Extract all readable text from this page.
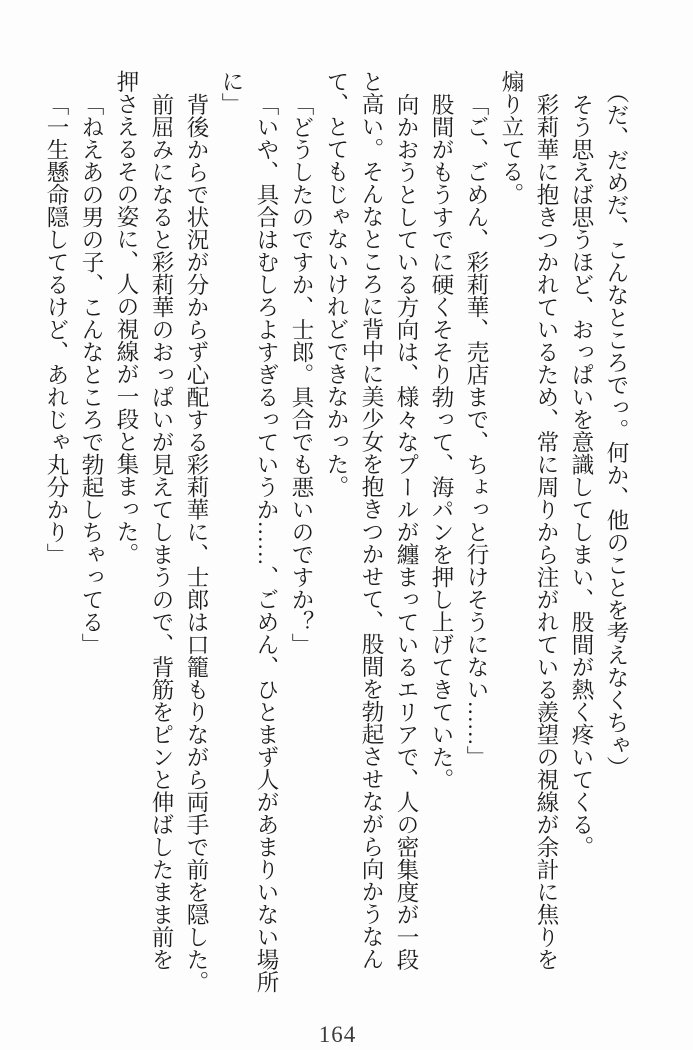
（だ、だめだ、こんなところでっ。何か、他のことを考えなくちゃ）

そう思えば思うほど、おっぱいを意識してしまい、股間が熱く疼いてくる。

彩莉華に抱きつかれているため、常に周りから注がれている羨望の視線が余計に焦りを

煽り立てる。

「ご、ごめん、彩莉華、売店まで、ちょっと行けそうにない……」

股間がもうすでに硬くそそり勃って、海パンを押し上げてきていた。

向かおうとしている方向は、様々なプールが纏まっているエリアで、人の密集度が一段

と高い。そんなところに背中に美少女を抱きつかせて、股間を勃起させながら向かうなん

て、とてもじゃないけれどできなかった。

「どうしたのですか、士郎。具合でも悪いのですか？」

「いや、具合はむしろよすぎるっていうか……、ごめん、ひとまず人があまりいない場所

に」

背後からで状況が分からず心配する彩莉華に、士郎は口籠もりながら両手で前を隠した。

前屈みになると彩莉華のおっぱいが見えてしまうので、背筋をピンと伸ばしたまま前を

押さえるその姿に、人の視線が一段と集まった。

「ねえあの男の子、こんなところで勃起しちゃってる」

「一生懸命隠してるけど、あれじゃ丸分かり」

164
